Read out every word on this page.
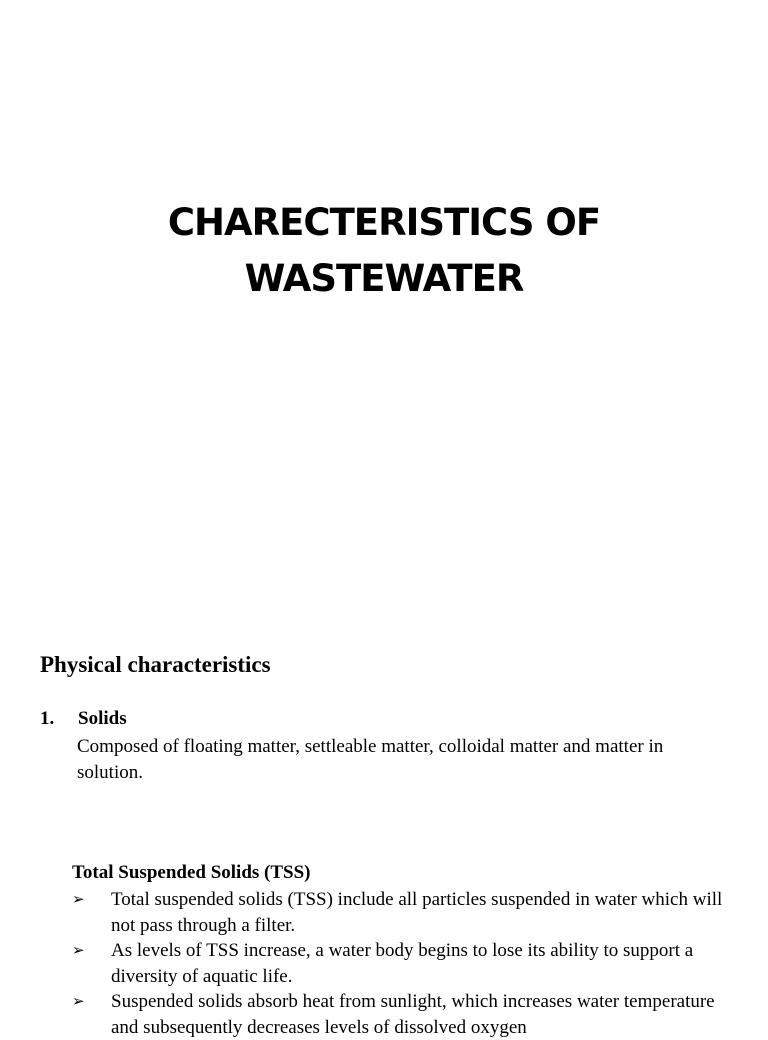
CHARECTERISTICS OF
WASTEWATER
Physical characteristics
1. Solids
Composed of floating matter, settleable matter, colloidal matter and matter in solution.
Total Suspended Solids (TSS)
➢ Total suspended solids (TSS) include all particles suspended in water which will not pass through a filter.
➢ As levels of TSS increase, a water body begins to lose its ability to support a diversity of aquatic life.
➢ Suspended solids absorb heat from sunlight, which increases water temperature and subsequently decreases levels of dissolved oxygen
